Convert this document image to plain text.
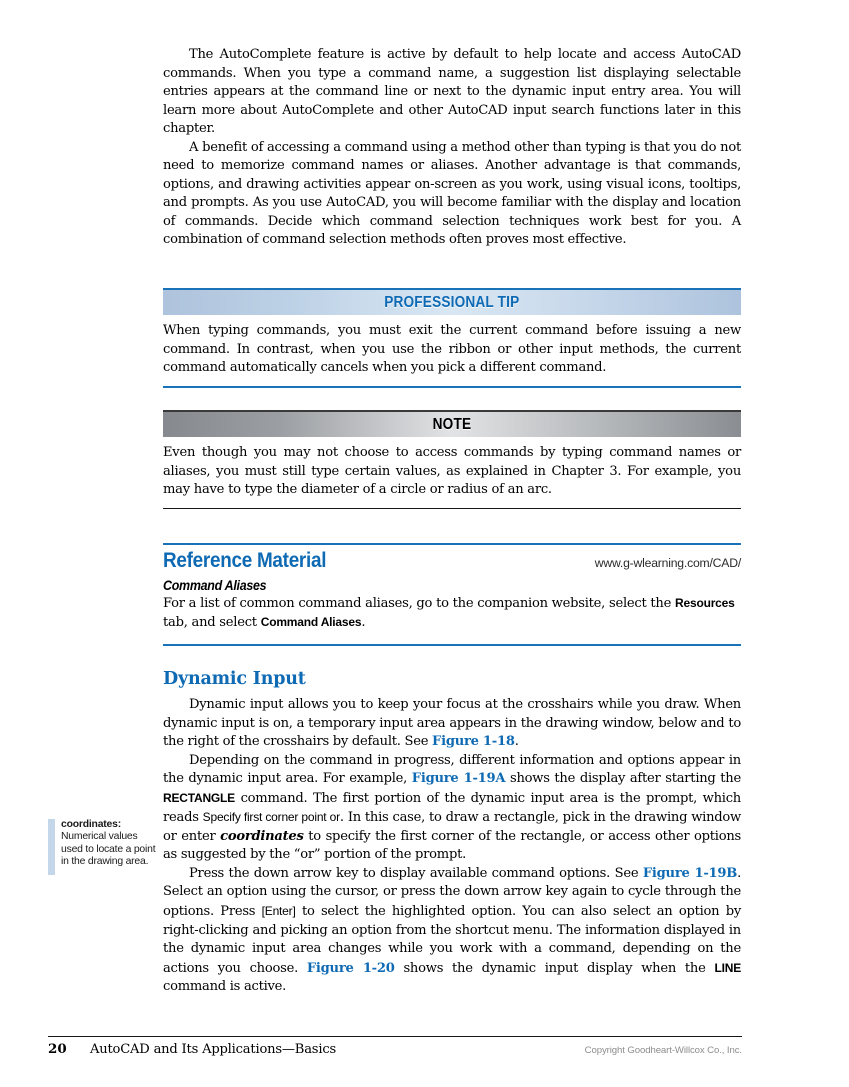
The AutoComplete feature is active by default to help locate and access AutoCAD commands. When you type a command name, a suggestion list displaying selectable entries appears at the command line or next to the dynamic input entry area. You will learn more about AutoComplete and other AutoCAD input search functions later in this chapter.

A benefit of accessing a command using a method other than typing is that you do not need to memorize command names or aliases. Another advantage is that commands, options, and drawing activities appear on-screen as you work, using visual icons, tooltips, and prompts. As you use AutoCAD, you will become familiar with the display and location of commands. Decide which command selection techniques work best for you. A combination of command selection methods often proves most effective.

PROFESSIONAL TIP

When typing commands, you must exit the current command before issuing a new command. In contrast, when you use the ribbon or other input methods, the current command automatically cancels when you pick a different command.

NOTE

Even though you may not choose to access commands by typing command names or aliases, you must still type certain values, as explained in Chapter 3. For example, you may have to type the diameter of a circle or radius of an arc.

Reference Material	www.g-wlearning.com/CAD/
Command Aliases
For a list of common command aliases, go to the companion website, select the Resources tab, and select Command Aliases.
Dynamic Input

Dynamic input allows you to keep your focus at the crosshairs while you draw. When dynamic input is on, a temporary input area appears in the drawing window, below and to the right of the crosshairs by default. See Figure 1-18.

Depending on the command in progress, different information and options appear in the dynamic input area. For example, Figure 1-19A shows the display after starting the RECTANGLE command. The first portion of the dynamic input area is the prompt, which reads Specify first corner point or. In this case, to draw a rectangle, pick in the drawing window or enter coordinates to specify the first corner of the rectangle, or access other options as suggested by the “or” portion of the prompt.

Press the down arrow key to display available command options. See Figure 1-19B. Select an option using the cursor, or press the down arrow key again to cycle through the options. Press [Enter] to select the highlighted option. You can also select an option by right-clicking and picking an option from the shortcut menu. The information displayed in the dynamic input area changes while you work with a command, depending on the actions you choose. Figure 1-20 shows the dynamic input display when the LINE command is active.

coordinates: Numerical values used to locate a point in the drawing area.
20 AutoCAD and Its Applications—Basics	Copyright Goodheart-Willcox Co., Inc.
